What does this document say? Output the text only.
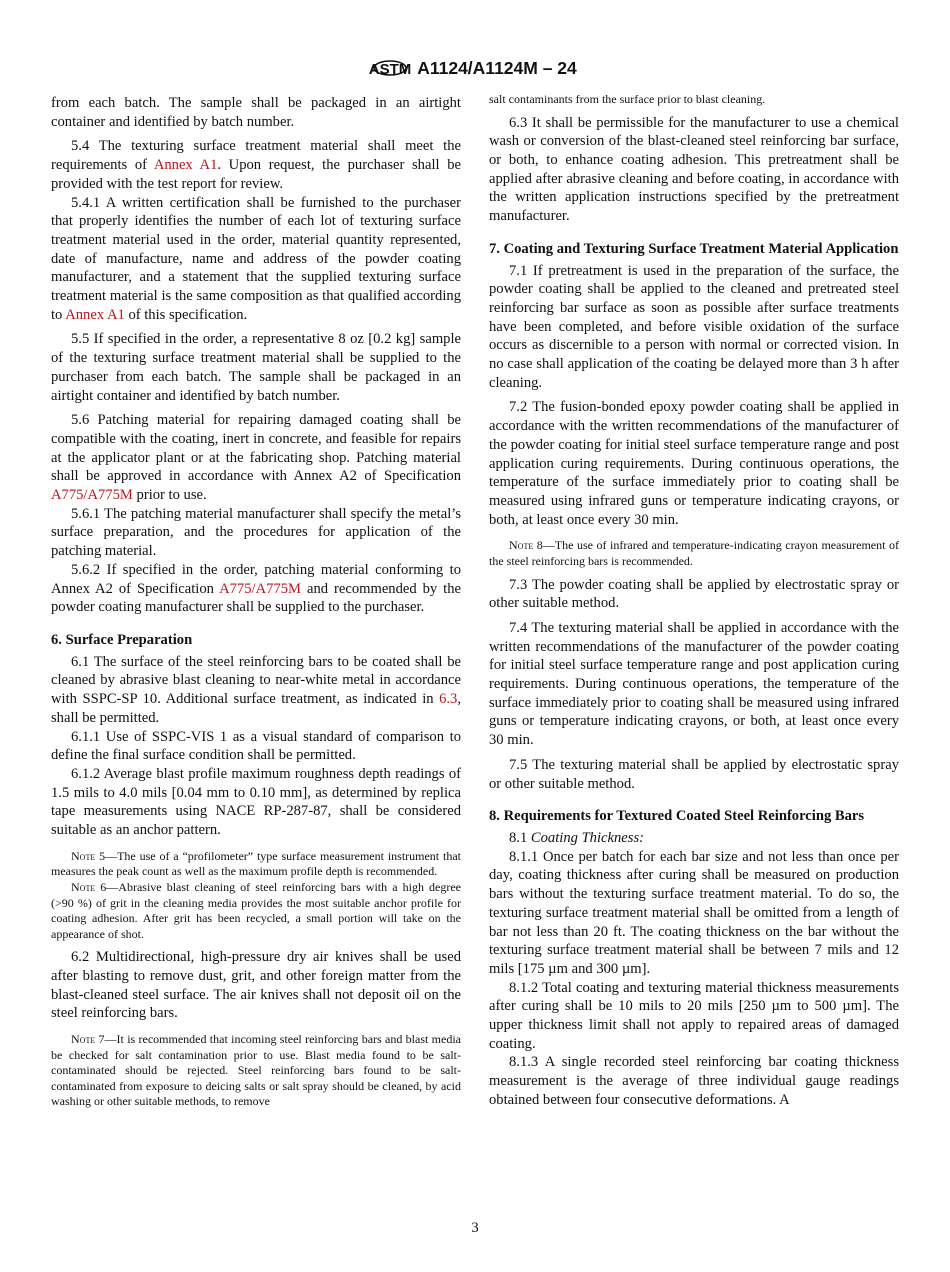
ASTM A1124/A1124M – 24

from each batch. The sample shall be packaged in an airtight container and identified by batch number.

5.4 The texturing surface treatment material shall meet the requirements of Annex A1. Upon request, the purchaser shall be provided with the test report for review.

5.4.1 A written certification shall be furnished to the purchaser that properly identifies the number of each lot of texturing surface treatment material used in the order, material quantity represented, date of manufacture, name and address of the powder coating manufacturer, and a statement that the supplied texturing surface treatment material is the same composition as that qualified according to Annex A1 of this specification.

5.5 If specified in the order, a representative 8 oz [0.2 kg] sample of the texturing surface treatment material shall be supplied to the purchaser from each batch. The sample shall be packaged in an airtight container and identified by batch number.

5.6 Patching material for repairing damaged coating shall be compatible with the coating, inert in concrete, and feasible for repairs at the applicator plant or at the fabricating shop. Patching material shall be approved in accordance with Annex A2 of Specification A775/A775M prior to use.

5.6.1 The patching material manufacturer shall specify the metal’s surface preparation, and the procedures for application of the patching material.

5.6.2 If specified in the order, patching material conforming to Annex A2 of Specification A775/A775M and recommended by the powder coating manufacturer shall be supplied to the purchaser.

6. Surface Preparation

6.1 The surface of the steel reinforcing bars to be coated shall be cleaned by abrasive blast cleaning to near-white metal in accordance with SSPC-SP 10. Additional surface treatment, as indicated in 6.3, shall be permitted.

6.1.1 Use of SSPC-VIS 1 as a visual standard of comparison to define the final surface condition shall be permitted.

6.1.2 Average blast profile maximum roughness depth readings of 1.5 mils to 4.0 mils [0.04 mm to 0.10 mm], as determined by replica tape measurements using NACE RP-287-87, shall be considered suitable as an anchor pattern.

Note 5—The use of a “profilometer” type surface measurement instrument that measures the peak count as well as the maximum profile depth is recommended.

Note 6—Abrasive blast cleaning of steel reinforcing bars with a high degree (>90 %) of grit in the cleaning media provides the most suitable anchor profile for coating adhesion. After grit has been recycled, a small portion will take on the appearance of shot.

6.2 Multidirectional, high-pressure dry air knives shall be used after blasting to remove dust, grit, and other foreign matter from the blast-cleaned steel surface. The air knives shall not deposit oil on the steel reinforcing bars.

Note 7—It is recommended that incoming steel reinforcing bars and blast media be checked for salt contamination prior to use. Blast media found to be salt-contaminated should be rejected. Steel reinforcing bars found to be salt-contaminated from exposure to deicing salts or salt spray should be cleaned, by acid washing or other suitable methods, to remove

salt contaminants from the surface prior to blast cleaning.

6.3 It shall be permissible for the manufacturer to use a chemical wash or conversion of the blast-cleaned steel reinforcing bar surface, or both, to enhance coating adhesion. This pretreatment shall be applied after abrasive cleaning and before coating, in accordance with the written application instructions specified by the pretreatment manufacturer.

7. Coating and Texturing Surface Treatment Material Application

7.1 If pretreatment is used in the preparation of the surface, the powder coating shall be applied to the cleaned and pretreated steel reinforcing bar surface as soon as possible after surface treatments have been completed, and before visible oxidation of the surface occurs as discernible to a person with normal or corrected vision. In no case shall application of the coating be delayed more than 3 h after cleaning.

7.2 The fusion-bonded epoxy powder coating shall be applied in accordance with the written recommendations of the manufacturer of the powder coating for initial steel surface temperature range and post application curing requirements. During continuous operations, the temperature of the surface immediately prior to coating shall be measured using infrared guns or temperature indicating crayons, or both, at least once every 30 min.

Note 8—The use of infrared and temperature-indicating crayon measurement of the steel reinforcing bars is recommended.

7.3 The powder coating shall be applied by electrostatic spray or other suitable method.

7.4 The texturing material shall be applied in accordance with the written recommendations of the manufacturer of the powder coating for initial steel surface temperature range and post application curing requirements. During continuous operations, the temperature of the surface immediately prior to coating shall be measured using infrared guns or temperature indicating crayons, or both, at least once every 30 min.

7.5 The texturing material shall be applied by electrostatic spray or other suitable method.

8. Requirements for Textured Coated Steel Reinforcing Bars

8.1 Coating Thickness:

8.1.1 Once per batch for each bar size and not less than once per day, coating thickness after curing shall be measured on production bars without the texturing surface treatment material. To do so, the texturing surface treatment material shall be omitted from a length of bar not less than 20 ft. The coating thickness on the bar without the texturing surface treatment material shall be between 7 mils and 12 mils [175 µm and 300 µm].

8.1.2 Total coating and texturing material thickness measurements after curing shall be 10 mils to 20 mils [250 µm to 500 µm]. The upper thickness limit shall not apply to repaired areas of damaged coating.

8.1.3 A single recorded steel reinforcing bar coating thickness measurement is the average of three individual gauge readings obtained between four consecutive deformations. A

3
